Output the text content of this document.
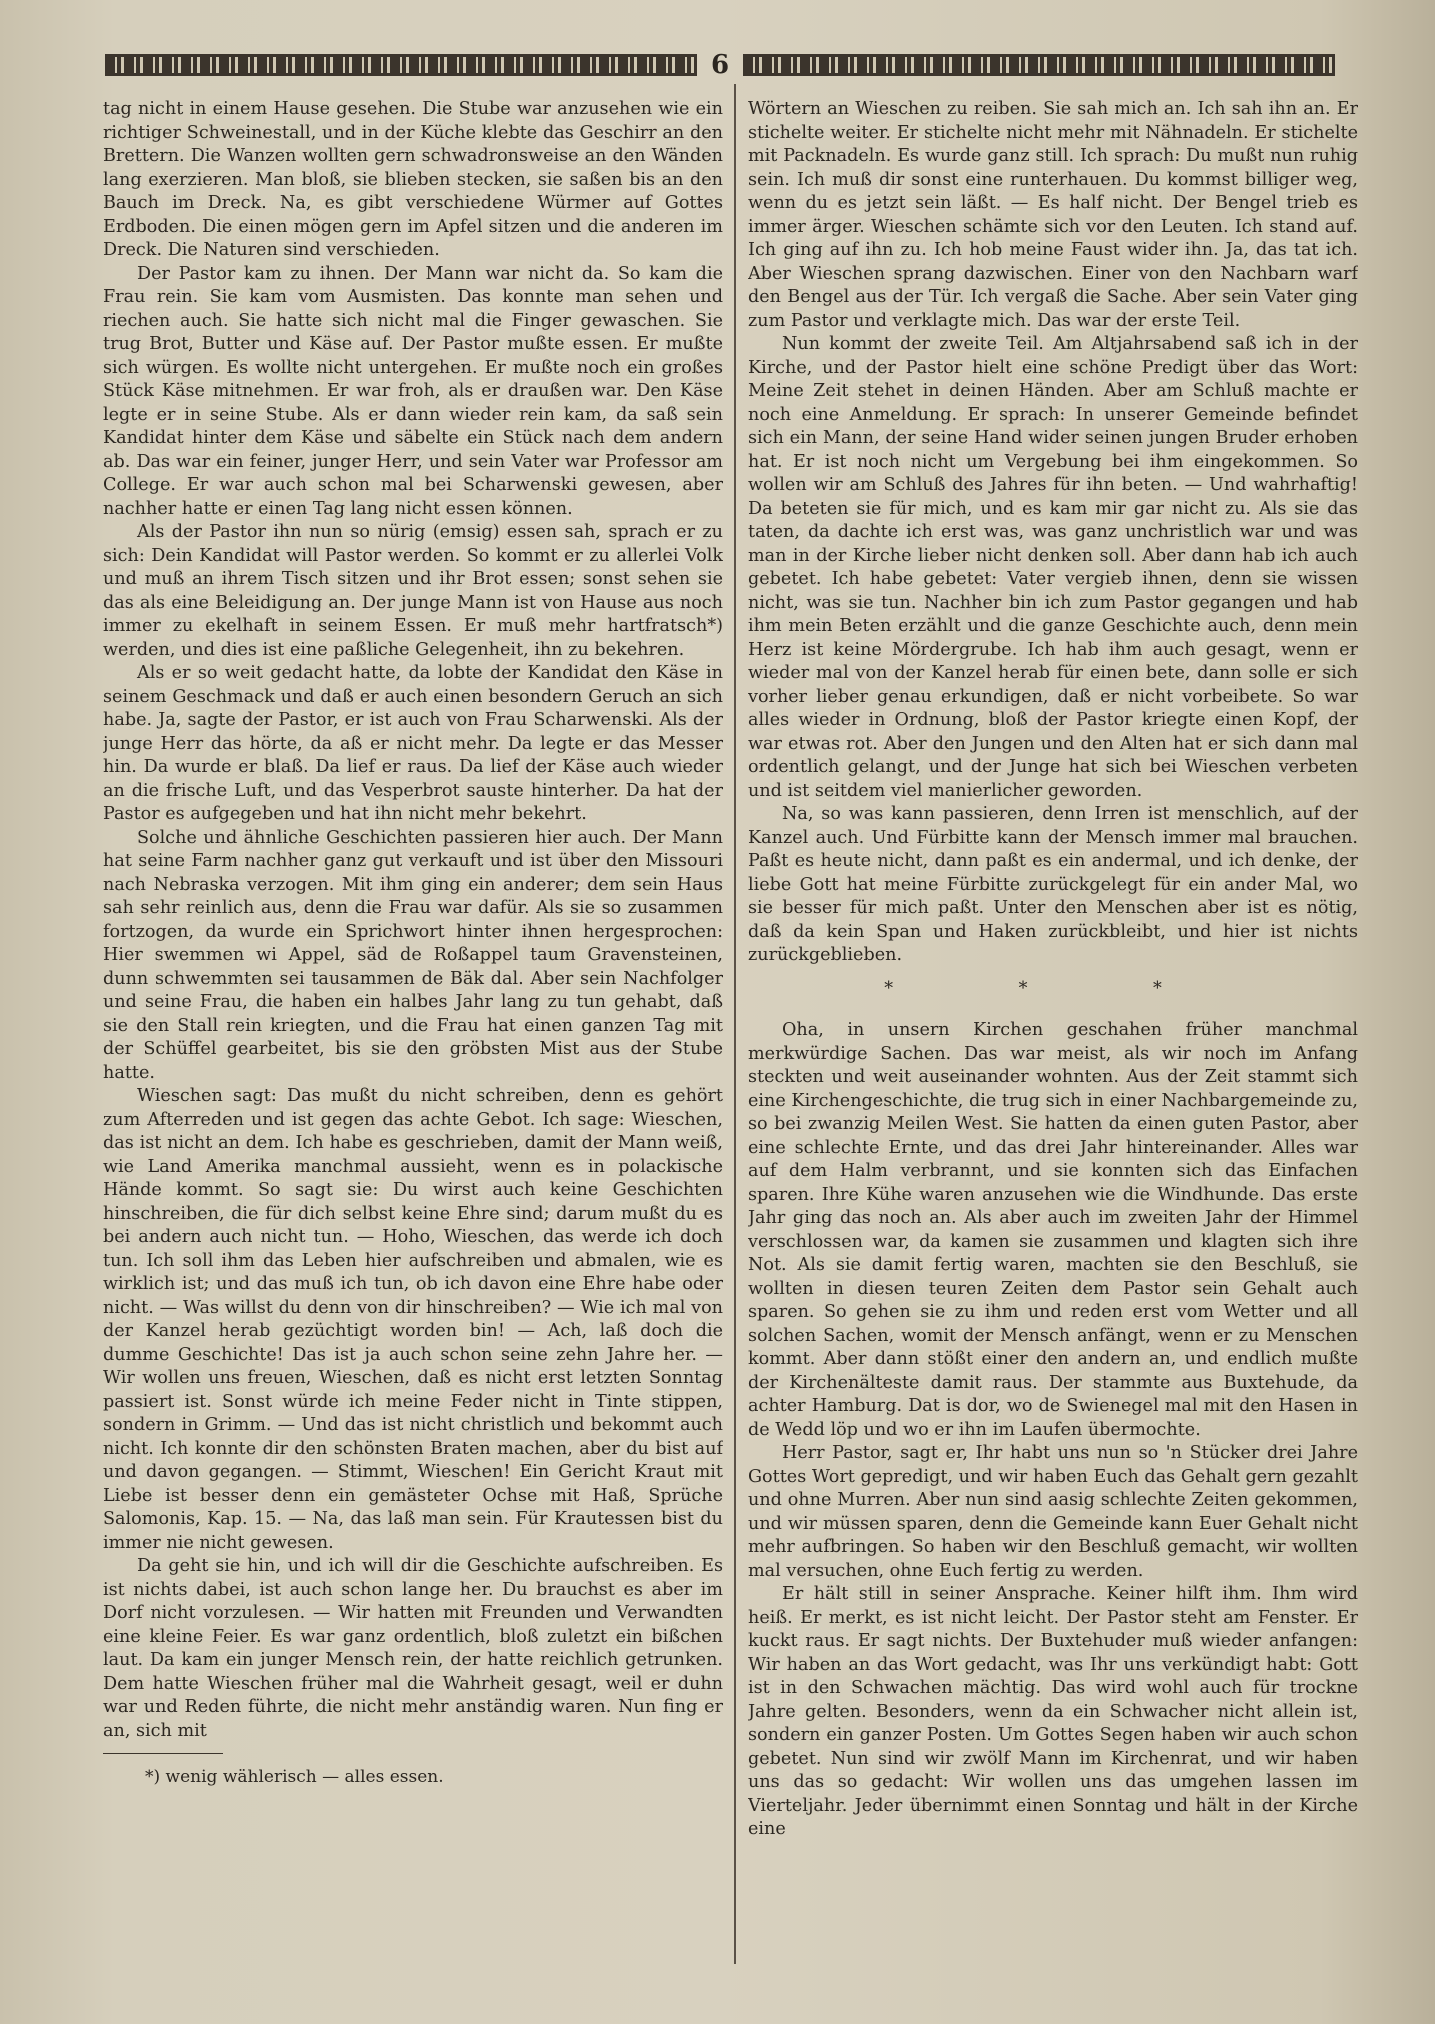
6

tag nicht in einem Hause gesehen. Die Stube war anzusehen wie ein richtiger Schweinestall, und in der Küche klebte das Geschirr an den Brettern. Die Wanzen wollten gern schwadronsweise an den Wänden lang exerzieren. Man bloß, sie blieben stecken, sie saßen bis an den Bauch im Dreck. Na, es gibt verschiedene Würmer auf Gottes Erdboden. Die einen mögen gern im Apfel sitzen und die anderen im Dreck. Die Naturen sind verschieden.

Der Pastor kam zu ihnen. Der Mann war nicht da. So kam die Frau rein. Sie kam vom Ausmisten. Das konnte man sehen und riechen auch. Sie hatte sich nicht mal die Finger gewaschen. Sie trug Brot, Butter und Käse auf. Der Pastor mußte essen. Er mußte sich würgen. Es wollte nicht untergehen. Er mußte noch ein großes Stück Käse mitnehmen. Er war froh, als er draußen war. Den Käse legte er in seine Stube. Als er dann wieder rein kam, da saß sein Kandidat hinter dem Käse und säbelte ein Stück nach dem andern ab. Das war ein feiner, junger Herr, und sein Vater war Professor am College. Er war auch schon mal bei Scharwenski gewesen, aber nachher hatte er einen Tag lang nicht essen können.

Als der Pastor ihn nun so nürig (emsig) essen sah, sprach er zu sich: Dein Kandidat will Pastor werden. So kommt er zu allerlei Volk und muß an ihrem Tisch sitzen und ihr Brot essen; sonst sehen sie das als eine Beleidigung an. Der junge Mann ist von Hause aus noch immer zu ekelhaft in seinem Essen. Er muß mehr hartfratsch*) werden, und dies ist eine paßliche Gelegenheit, ihn zu bekehren.

Als er so weit gedacht hatte, da lobte der Kandidat den Käse in seinem Geschmack und daß er auch einen besondern Geruch an sich habe. Ja, sagte der Pastor, er ist auch von Frau Scharwenski. Als der junge Herr das hörte, da aß er nicht mehr. Da legte er das Messer hin. Da wurde er blaß. Da lief er raus. Da lief der Käse auch wieder an die frische Luft, und das Vesperbrot sauste hinterher. Da hat der Pastor es aufgegeben und hat ihn nicht mehr bekehrt.

Solche und ähnliche Geschichten passieren hier auch. Der Mann hat seine Farm nachher ganz gut verkauft und ist über den Missouri nach Nebraska verzogen. Mit ihm ging ein anderer; dem sein Haus sah sehr reinlich aus, denn die Frau war dafür. Als sie so zusammen fortzogen, da wurde ein Sprichwort hinter ihnen hergesprochen: Hier swemmen wi Appel, säd de Roßappel taum Gravensteinen, dunn schwemmten sei tausammen de Bäk dal. Aber sein Nachfolger und seine Frau, die haben ein halbes Jahr lang zu tun gehabt, daß sie den Stall rein kriegten, und die Frau hat einen ganzen Tag mit der Schüffel gearbeitet, bis sie den gröbsten Mist aus der Stube hatte.

Wieschen sagt: Das mußt du nicht schreiben, denn es gehört zum Afterreden und ist gegen das achte Gebot. Ich sage: Wieschen, das ist nicht an dem. Ich habe es geschrieben, damit der Mann weiß, wie Land Amerika manchmal aussieht, wenn es in polackische Hände kommt. So sagt sie: Du wirst auch keine Geschichten hinschreiben, die für dich selbst keine Ehre sind; darum mußt du es bei andern auch nicht tun. — Hoho, Wieschen, das werde ich doch tun. Ich soll ihm das Leben hier aufschreiben und abmalen, wie es wirklich ist; und das muß ich tun, ob ich davon eine Ehre habe oder nicht. — Was willst du denn von dir hinschreiben? — Wie ich mal von der Kanzel herab gezüchtigt worden bin! — Ach, laß doch die dumme Geschichte! Das ist ja auch schon seine zehn Jahre her. — Wir wollen uns freuen, Wieschen, daß es nicht erst letzten Sonntag passiert ist. Sonst würde ich meine Feder nicht in Tinte stippen, sondern in Grimm. — Und das ist nicht christlich und bekommt auch nicht. Ich konnte dir den schönsten Braten machen, aber du bist auf und davon gegangen. — Stimmt, Wieschen! Ein Gericht Kraut mit Liebe ist besser denn ein gemästeter Ochse mit Haß, Sprüche Salomonis, Kap. 15. — Na, das laß man sein. Für Krautessen bist du immer nie nicht gewesen.

Da geht sie hin, und ich will dir die Geschichte aufschreiben. Es ist nichts dabei, ist auch schon lange her. Du brauchst es aber im Dorf nicht vorzulesen. — Wir hatten mit Freunden und Verwandten eine kleine Feier. Es war ganz ordentlich, bloß zuletzt ein bißchen laut. Da kam ein junger Mensch rein, der hatte reichlich getrunken. Dem hatte Wieschen früher mal die Wahrheit gesagt, weil er duhn war und Reden führte, die nicht mehr anständig waren. Nun fing er an, sich mit

*) wenig wählerisch — alles essen.

Wörtern an Wieschen zu reiben. Sie sah mich an. Ich sah ihn an. Er stichelte weiter. Er stichelte nicht mehr mit Nähnadeln. Er stichelte mit Packnadeln. Es wurde ganz still. Ich sprach: Du mußt nun ruhig sein. Ich muß dir sonst eine runterhauen. Du kommst billiger weg, wenn du es jetzt sein läßt. — Es half nicht. Der Bengel trieb es immer ärger. Wieschen schämte sich vor den Leuten. Ich stand auf. Ich ging auf ihn zu. Ich hob meine Faust wider ihn. Ja, das tat ich. Aber Wieschen sprang dazwischen. Einer von den Nachbarn warf den Bengel aus der Tür. Ich vergaß die Sache. Aber sein Vater ging zum Pastor und verklagte mich. Das war der erste Teil.

Nun kommt der zweite Teil. Am Altjahrsabend saß ich in der Kirche, und der Pastor hielt eine schöne Predigt über das Wort: Meine Zeit stehet in deinen Händen. Aber am Schluß machte er noch eine Anmeldung. Er sprach: In unserer Gemeinde befindet sich ein Mann, der seine Hand wider seinen jungen Bruder erhoben hat. Er ist noch nicht um Vergebung bei ihm eingekommen. So wollen wir am Schluß des Jahres für ihn beten. — Und wahrhaftig! Da beteten sie für mich, und es kam mir gar nicht zu. Als sie das taten, da dachte ich erst was, was ganz unchristlich war und was man in der Kirche lieber nicht denken soll. Aber dann hab ich auch gebetet. Ich habe gebetet: Vater vergieb ihnen, denn sie wissen nicht, was sie tun. Nachher bin ich zum Pastor gegangen und hab ihm mein Beten erzählt und die ganze Geschichte auch, denn mein Herz ist keine Mördergrube. Ich hab ihm auch gesagt, wenn er wieder mal von der Kanzel herab für einen bete, dann solle er sich vorher lieber genau erkundigen, daß er nicht vorbeibete. So war alles wieder in Ordnung, bloß der Pastor kriegte einen Kopf, der war etwas rot. Aber den Jungen und den Alten hat er sich dann mal ordentlich gelangt, und der Junge hat sich bei Wieschen verbeten und ist seitdem viel manierlicher geworden.

Na, so was kann passieren, denn Irren ist menschlich, auf der Kanzel auch. Und Fürbitte kann der Mensch immer mal brauchen. Paßt es heute nicht, dann paßt es ein andermal, und ich denke, der liebe Gott hat meine Fürbitte zurückgelegt für ein ander Mal, wo sie besser für mich paßt. Unter den Menschen aber ist es nötig, daß da kein Span und Haken zurückbleibt, und hier ist nichts zurückgeblieben.

* * *

Oha, in unsern Kirchen geschahen früher manchmal merkwürdige Sachen. Das war meist, als wir noch im Anfang steckten und weit auseinander wohnten. Aus der Zeit stammt sich eine Kirchengeschichte, die trug sich in einer Nachbargemeinde zu, so bei zwanzig Meilen West. Sie hatten da einen guten Pastor, aber eine schlechte Ernte, und das drei Jahr hintereinander. Alles war auf dem Halm verbrannt, und sie konnten sich das Einfachen sparen. Ihre Kühe waren anzusehen wie die Windhunde. Das erste Jahr ging das noch an. Als aber auch im zweiten Jahr der Himmel verschlossen war, da kamen sie zusammen und klagten sich ihre Not. Als sie damit fertig waren, machten sie den Beschluß, sie wollten in diesen teuren Zeiten dem Pastor sein Gehalt auch sparen. So gehen sie zu ihm und reden erst vom Wetter und all solchen Sachen, womit der Mensch anfängt, wenn er zu Menschen kommt. Aber dann stößt einer den andern an, und endlich mußte der Kirchenälteste damit raus. Der stammte aus Buxtehude, da achter Hamburg. Dat is dor, wo de Swienegel mal mit den Hasen in de Wedd löp und wo er ihn im Laufen übermochte.

Herr Pastor, sagt er, Ihr habt uns nun so 'n Stücker drei Jahre Gottes Wort gepredigt, und wir haben Euch das Gehalt gern gezahlt und ohne Murren. Aber nun sind aasig schlechte Zeiten gekommen, und wir müssen sparen, denn die Gemeinde kann Euer Gehalt nicht mehr aufbringen. So haben wir den Beschluß gemacht, wir wollten mal versuchen, ohne Euch fertig zu werden.

Er hält still in seiner Ansprache. Keiner hilft ihm. Ihm wird heiß. Er merkt, es ist nicht leicht. Der Pastor steht am Fenster. Er kuckt raus. Er sagt nichts. Der Buxtehuder muß wieder anfangen: Wir haben an das Wort gedacht, was Ihr uns verkündigt habt: Gott ist in den Schwachen mächtig. Das wird wohl auch für trockne Jahre gelten. Besonders, wenn da ein Schwacher nicht allein ist, sondern ein ganzer Posten. Um Gottes Segen haben wir auch schon gebetet. Nun sind wir zwölf Mann im Kirchenrat, und wir haben uns das so gedacht: Wir wollen uns das umgehen lassen im Vierteljahr. Jeder übernimmt einen Sonntag und hält in der Kirche eine
